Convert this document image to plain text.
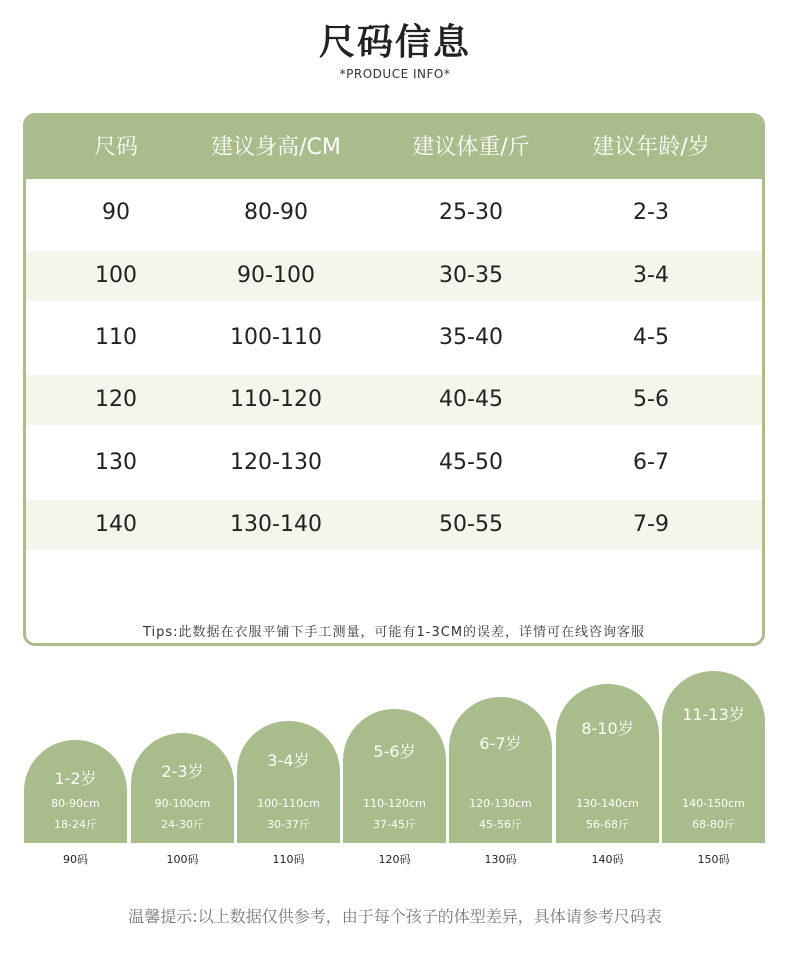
尺码信息
*PRODUCE INFO*
尺码	建议身高/CM	建议体重/斤	建议年龄/岁
90	80-90	25-30	2-3
100	90-100	30-35	3-4
110	100-110	35-40	4-5
120	110-120	40-45	5-6
130	120-130	45-50	6-7
140	130-140	50-55	7-9
Tips:此数据在衣服平铺下手工测量，可能有1-3CM的误差，详情可在线咨询客服
1-2岁
80-90cm
18-24斤
2-3岁
90-100cm
24-30斤
3-4岁
100-110cm
30-37斤
5-6岁
110-120cm
37-45斤
6-7岁
120-130cm
45-56斤
8-10岁
130-140cm
56-68斤
11-13岁
140-150cm
68-80斤
90码	100码	110码	120码	130码	140码	150码
温馨提示:以上数据仅供参考，由于每个孩子的体型差异，具体请参考尺码表
